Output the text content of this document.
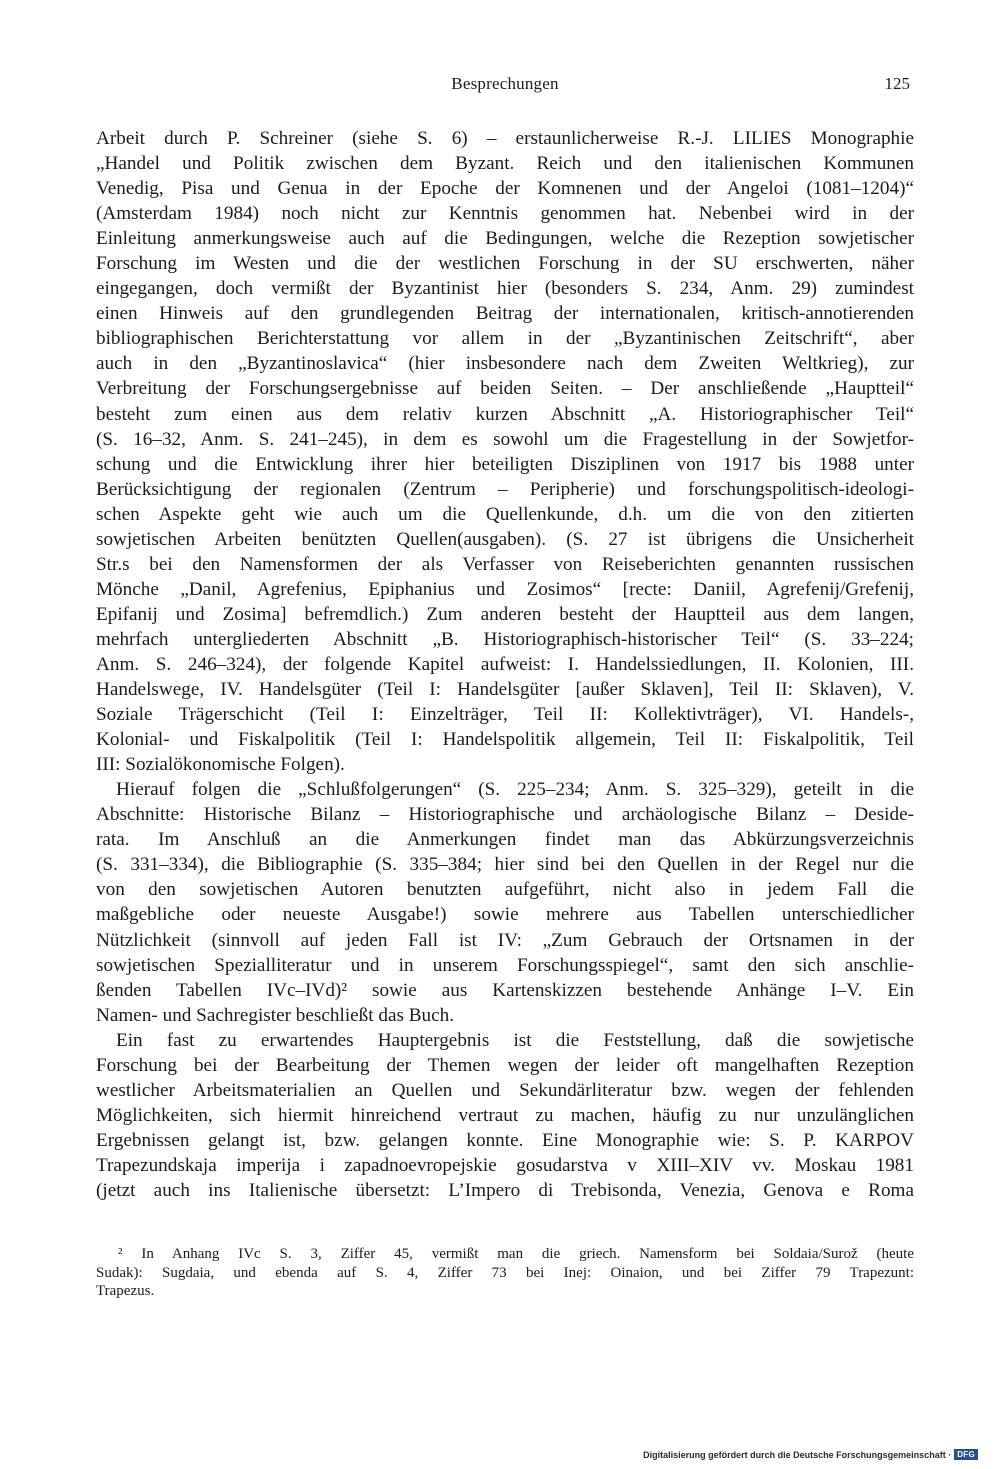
Besprechungen	125
Arbeit durch P. Schreiner (siehe S. 6) – erstaunlicherweise R.-J. LILIES Monographie
„Handel und Politik zwischen dem Byzant. Reich und den italienischen Kommunen
Venedig, Pisa und Genua in der Epoche der Komnenen und der Angeloi (1081–1204)“
(Amsterdam 1984) noch nicht zur Kenntnis genommen hat. Nebenbei wird in der
Einleitung anmerkungsweise auch auf die Bedingungen, welche die Rezeption sowjetischer
Forschung im Westen und die der westlichen Forschung in der SU erschwerten, näher
eingegangen, doch vermißt der Byzantinist hier (besonders S. 234, Anm. 29) zumindest
einen Hinweis auf den grundlegenden Beitrag der internationalen, kritisch-annotierenden
bibliographischen Berichterstattung vor allem in der „Byzantinischen Zeitschrift“, aber
auch in den „Byzantinoslavica“ (hier insbesondere nach dem Zweiten Weltkrieg), zur
Verbreitung der Forschungsergebnisse auf beiden Seiten. – Der anschließende „Hauptteil“
besteht zum einen aus dem relativ kurzen Abschnitt „A. Historiographischer Teil“
(S. 16–32, Anm. S. 241–245), in dem es sowohl um die Fragestellung in der Sowjetfor-
schung und die Entwicklung ihrer hier beteiligten Disziplinen von 1917 bis 1988 unter
Berücksichtigung der regionalen (Zentrum – Peripherie) und forschungspolitisch-ideologi-
schen Aspekte geht wie auch um die Quellenkunde, d.h. um die von den zitierten
sowjetischen Arbeiten benützten Quellen(ausgaben). (S. 27 ist übrigens die Unsicherheit
Str.s bei den Namensformen der als Verfasser von Reiseberichten genannten russischen
Mönche „Danil, Agrefenius, Epiphanius und Zosimos“ [recte: Daniil, Agrefenij/Grefenij,
Epifanij und Zosima] befremdlich.) Zum anderen besteht der Hauptteil aus dem langen,
mehrfach untergliederten Abschnitt „B. Historiographisch-historischer Teil“ (S. 33–224;
Anm. S. 246–324), der folgende Kapitel aufweist: I. Handelssiedlungen, II. Kolonien, III.
Handelswege, IV. Handelsgüter (Teil I: Handelsgüter [außer Sklaven], Teil II: Sklaven), V.
Soziale Trägerschicht (Teil I: Einzelträger, Teil II: Kollektivträger), VI. Handels-,
Kolonial- und Fiskalpolitik (Teil I: Handelspolitik allgemein, Teil II: Fiskalpolitik, Teil
III: Sozialökonomische Folgen).
Hierauf folgen die „Schlußfolgerungen“ (S. 225–234; Anm. S. 325–329), geteilt in die
Abschnitte: Historische Bilanz – Historiographische und archäologische Bilanz – Deside-
rata. Im Anschluß an die Anmerkungen findet man das Abkürzungsverzeichnis
(S. 331–334), die Bibliographie (S. 335–384; hier sind bei den Quellen in der Regel nur die
von den sowjetischen Autoren benutzten aufgeführt, nicht also in jedem Fall die
maßgebliche oder neueste Ausgabe!) sowie mehrere aus Tabellen unterschiedlicher
Nützlichkeit (sinnvoll auf jeden Fall ist IV: „Zum Gebrauch der Ortsnamen in der
sowjetischen Spezialliteratur und in unserem Forschungsspiegel“, samt den sich anschlie-
ßenden Tabellen IVc–IVd)² sowie aus Kartenskizzen bestehende Anhänge I–V. Ein
Namen- und Sachregister beschließt das Buch.
Ein fast zu erwartendes Hauptergebnis ist die Feststellung, daß die sowjetische
Forschung bei der Bearbeitung der Themen wegen der leider oft mangelhaften Rezeption
westlicher Arbeitsmaterialien an Quellen und Sekundärliteratur bzw. wegen der fehlenden
Möglichkeiten, sich hiermit hinreichend vertraut zu machen, häufig zu nur unzulänglichen
Ergebnissen gelangt ist, bzw. gelangen konnte. Eine Monographie wie: S. P. KARPOV
Trapezundskaja imperija i zapadnoevropejskie gosudarstva v XIII–XIV vv. Moskau 1981
(jetzt auch ins Italienische übersetzt: L’Impero di Trebisonda, Venezia, Genova e Roma
² In Anhang IVc S. 3, Ziffer 45, vermißt man die griech. Namensform bei Soldaia/Surož (heute
Sudak): Sugdaia, und ebenda auf S. 4, Ziffer 73 bei Inej: Oinaion, und bei Ziffer 79 Trapezunt:
Trapezus.
Digitalisierung gefördert durch die Deutsche Forschungsgemeinschaft · DFG
